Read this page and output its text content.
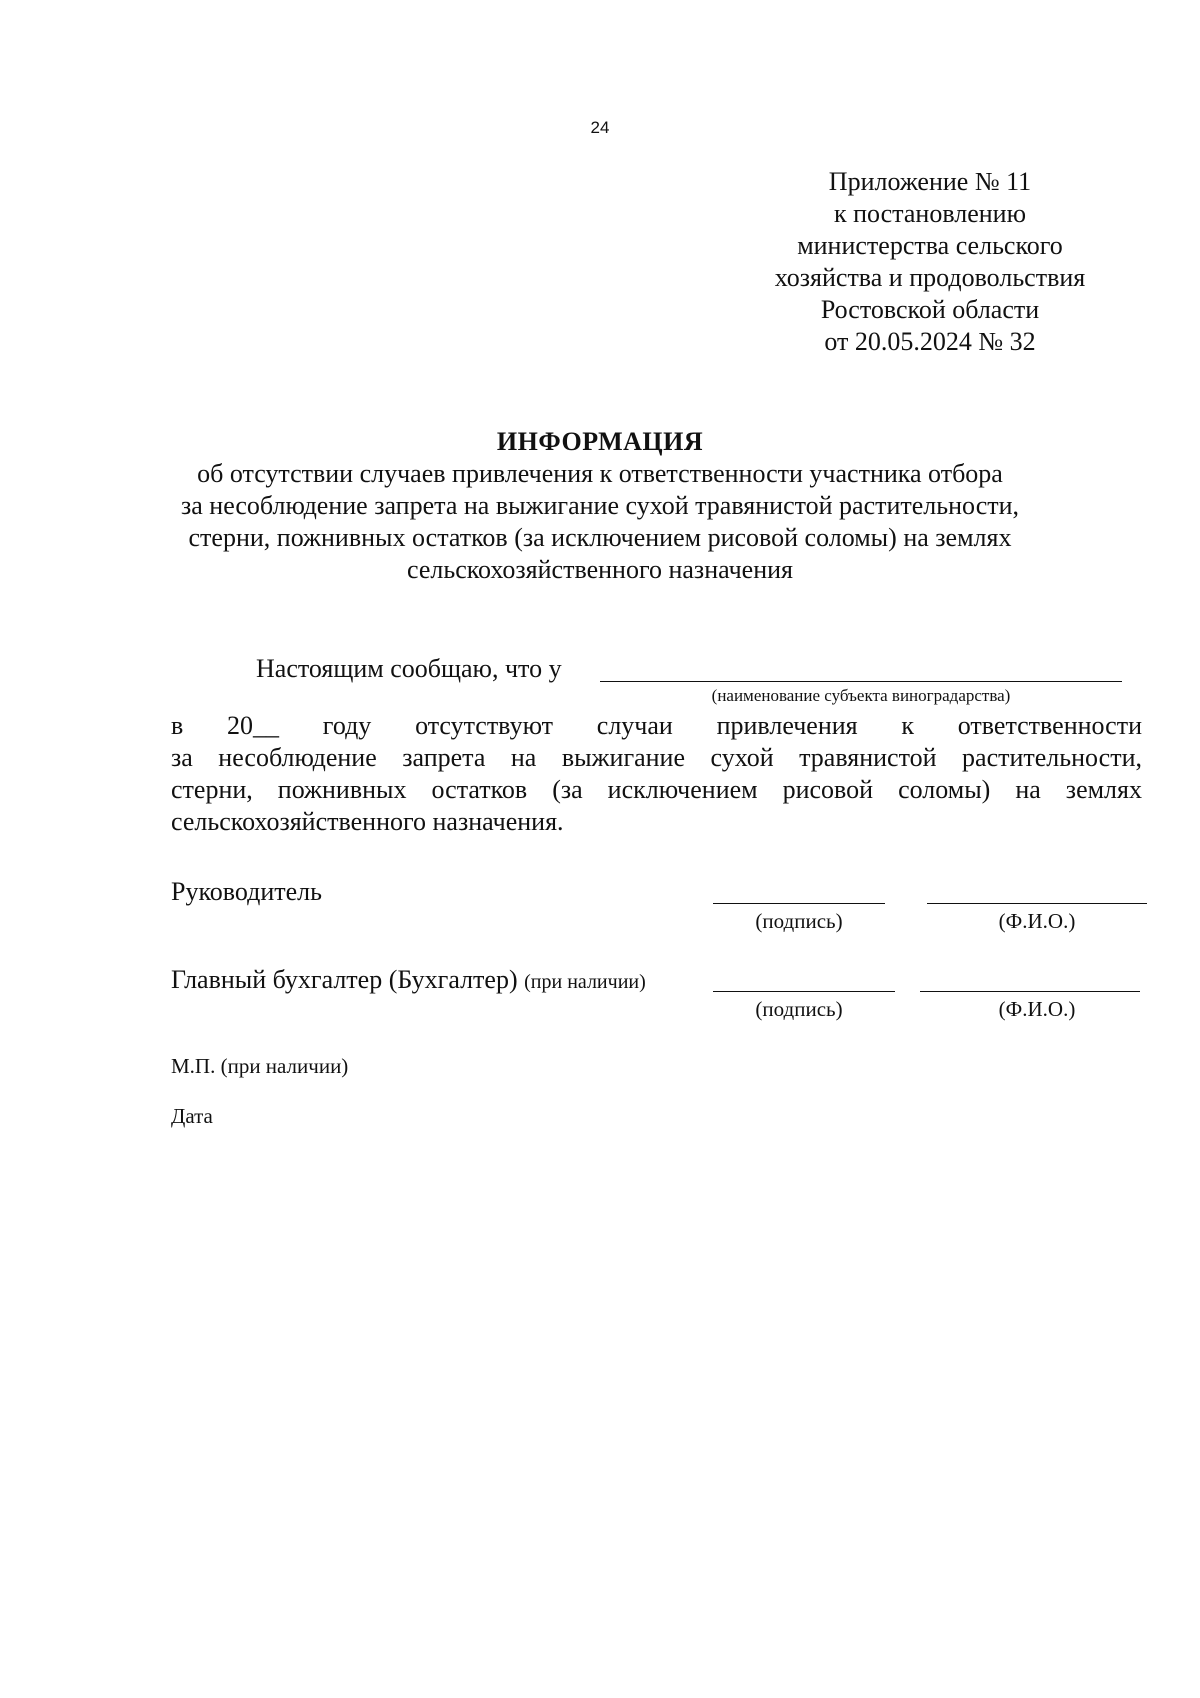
24
Приложение № 11
к постановлению
министерства сельского
хозяйства и продовольствия
Ростовской области
от 20.05.2024 № 32
ИНФОРМАЦИЯ
об отсутствии случаев привлечения к ответственности участника отбора
за несоблюдение запрета на выжигание сухой травянистой растительности,
стерни, пожнивных остатков (за исключением рисовой соломы) на землях
сельскохозяйственного назначения
Настоящим сообщаю, что у
(наименование субъекта виноградарства)
в 20__ году отсутствуют случаи привлечения к ответственности
за несоблюдение запрета на выжигание сухой травянистой растительности,
стерни, пожнивных остатков (за исключением рисовой соломы) на землях
сельскохозяйственного назначения.
Руководитель
(подпись)	(Ф.И.О.)
Главный бухгалтер (Бухгалтер) (при наличии)
(подпись)	(Ф.И.О.)
М.П. (при наличии)
Дата
